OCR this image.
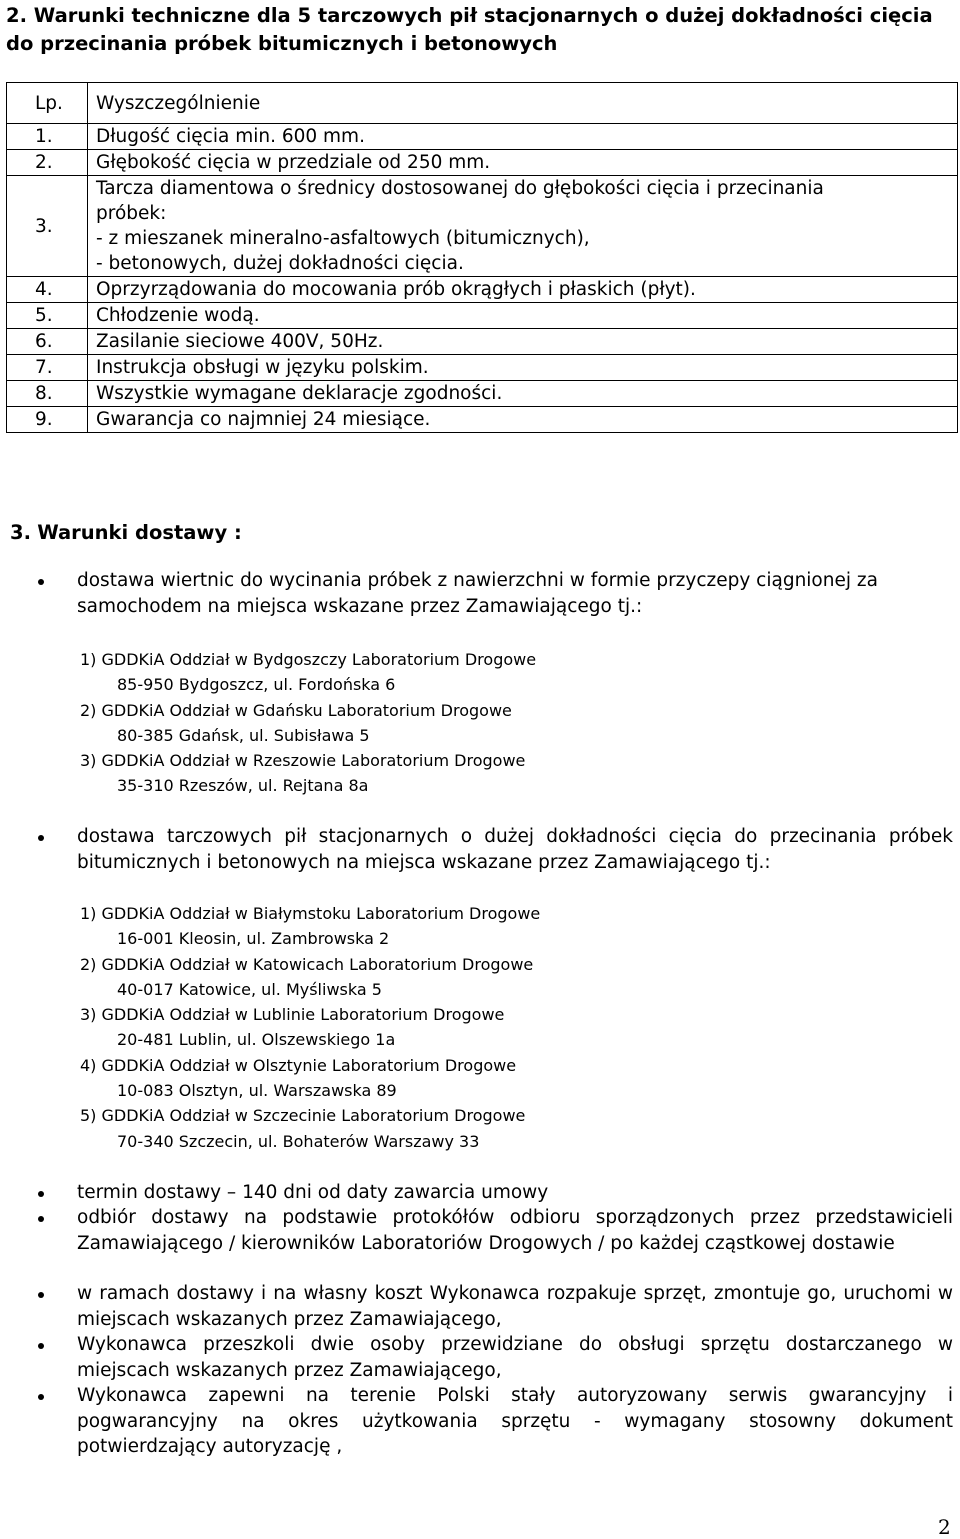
2. Warunki techniczne dla 5 tarczowych pił stacjonarnych o dużej dokładności cięcia do przecinania próbek bitumicznych i betonowych
Lp.	Wyszczególnienie
1.	Długość cięcia min. 600 mm.
2.	Głębokość cięcia w przedziale od 250 mm.
3.	Tarcza diamentowa o średnicy dostosowanej do głębokości cięcia i przecinania
próbek:
- z mieszanek mineralno-asfaltowych (bitumicznych),
- betonowych, dużej dokładności cięcia.

4.	Oprzyrządowania do mocowania prób okrągłych i płaskich (płyt).
5.	Chłodzenie wodą.
6.	Zasilanie sieciowe 400V, 50Hz.
7.	Instrukcja obsługi w języku polskim.
8.	Wszystkie wymagane deklaracje zgodności.
9.	Gwarancja co najmniej 24 miesiące.
3. Warunki dostawy :
dostawa wiertnic do wycinania próbek z nawierzchni w formie przyczepy ciągnionej za samochodem na miejsca wskazane przez Zamawiającego tj.:
1) GDDKiA Oddział w Bydgoszczy Laboratorium Drogowe
85-950 Bydgoszcz, ul. Fordońska 6
2) GDDKiA Oddział w Gdańsku Laboratorium Drogowe
80-385 Gdańsk, ul. Subisława 5
3) GDDKiA Oddział w Rzeszowie Laboratorium Drogowe
35-310 Rzeszów, ul. Rejtana 8a
dostawa tarczowych pił stacjonarnych o dużej dokładności cięcia do przecinania próbek bitumicznych i betonowych na miejsca wskazane przez Zamawiającego tj.:
1) GDDKiA Oddział w Białymstoku Laboratorium Drogowe
16-001 Kleosin, ul. Zambrowska 2
2) GDDKiA Oddział w Katowicach Laboratorium Drogowe
40-017 Katowice, ul. Myśliwska 5
3) GDDKiA Oddział w Lublinie Laboratorium Drogowe
20-481 Lublin, ul. Olszewskiego 1a
4) GDDKiA Oddział w Olsztynie Laboratorium Drogowe
10-083 Olsztyn, ul. Warszawska 89
5) GDDKiA Oddział w Szczecinie Laboratorium Drogowe
70-340 Szczecin, ul. Bohaterów Warszawy 33
termin dostawy – 140 dni od daty zawarcia umowy
odbiór dostawy na podstawie protokółów odbioru sporządzonych przez przedstawicieli Zamawiającego / kierowników Laboratoriów Drogowych / po każdej cząstkowej dostawie
w ramach dostawy i na własny koszt Wykonawca rozpakuje sprzęt, zmontuje go, uruchomi w miejscach wskazanych przez Zamawiającego,
Wykonawca przeszkoli dwie osoby przewidziane do obsługi sprzętu dostarczanego w miejscach wskazanych przez Zamawiającego,
Wykonawca zapewni na terenie Polski stały autoryzowany serwis gwarancyjny i pogwarancyjny na okres użytkowania sprzętu - wymagany stosowny dokument potwierdzający autoryzację ,
2
